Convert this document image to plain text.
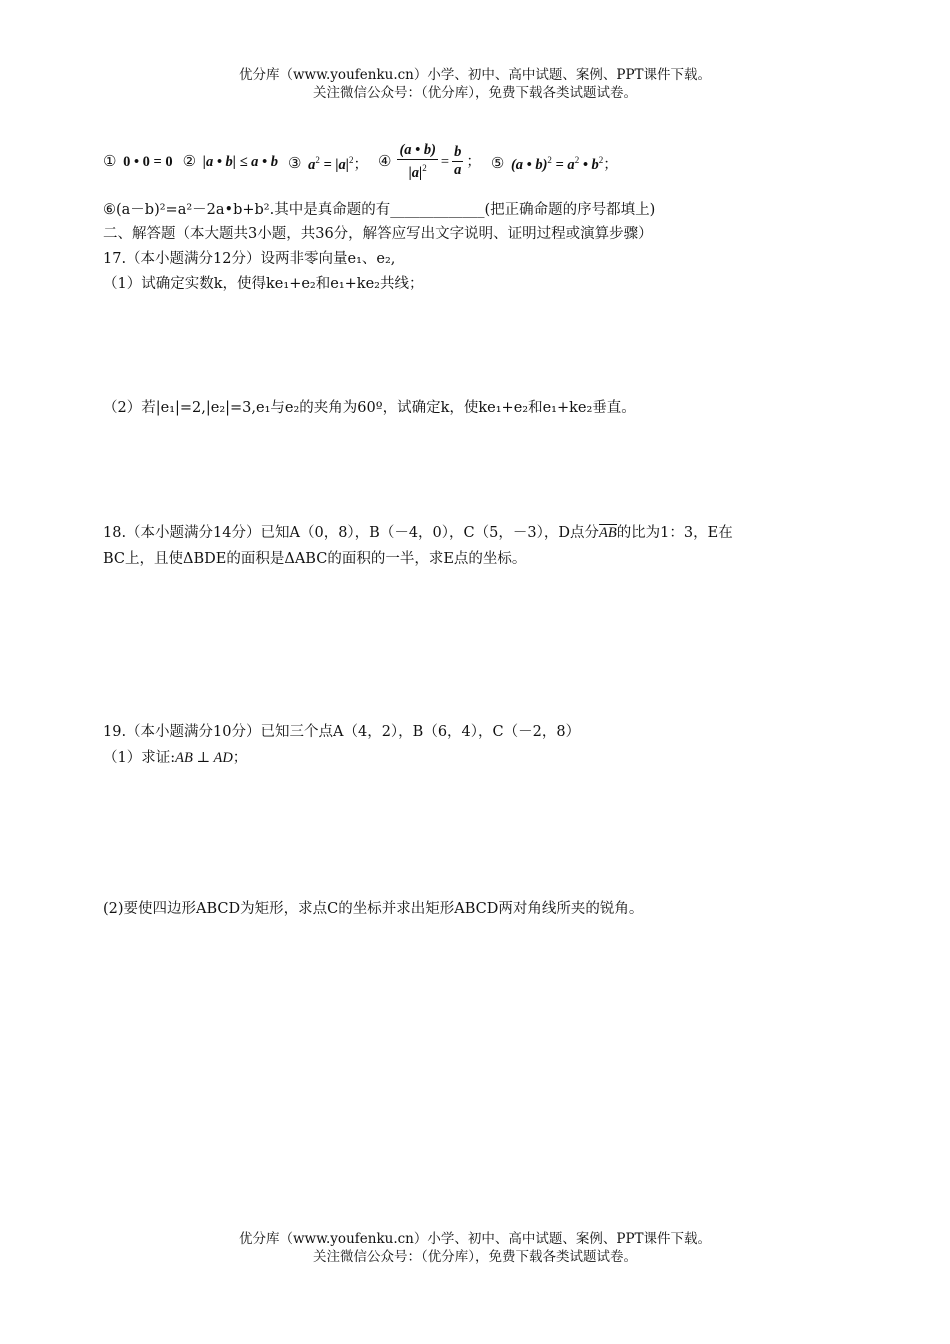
优分库（www.youfenku.cn）小学、初中、高中试题、案例、PPT课件下载。
关注微信公众号：（优分库），免费下载各类试题试卷。
① 0 • 0 = 0 ② |a • b| ≤ a • b ③ $a^2 = |a|^2$； ④ $\frac{(a • b)}{|a|^2} = \frac{b}{a}$ ； ⑤ (a • $b)^2 = a^2$ • $b^2$；
⑥(a－b)²=a²－2a•b+b².其中是真命题的有_____________(把正确命题的序号都填上)
二、解答题（本大题共3小题，共36分，解答应写出文字说明、证明过程或演算步骤）
17.（本小题满分12分）设两非零向量e₁、e₂,
（1）试确定实数k，使得ke₁+e₂和e₁+ke₂共线；
（2）若|e₁|=2,|e₂|=3,e₁与e₂的夹角为60º，试确定k，使ke₁+e₂和e₁+ke₂垂直。
18.（本小题满分14分）已知A（0，8），B（－4，0），C（5，－3），D点分AB的比为1：3，E在
BC上，且使ΔBDE的面积是ΔABC的面积的一半，求E点的坐标。
19.（本小题满分10分）已知三个点A（4，2），B（6，4），C（－2，8）
（1）求证:AB ⊥ AD；
(2)要使四边形ABCD为矩形，求点C的坐标并求出矩形ABCD两对角线所夹的锐角。
优分库（www.youfenku.cn）小学、初中、高中试题、案例、PPT课件下载。
关注微信公众号：（优分库），免费下载各类试题试卷。
